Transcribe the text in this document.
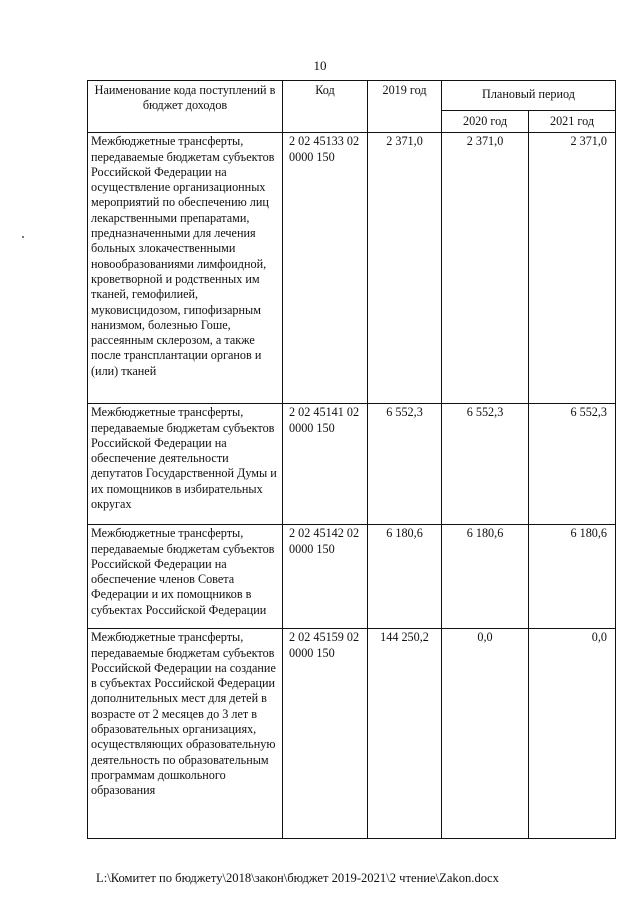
10
Наименование кода поступлений в бюджет доходов	Код	2019 год	Плановый период	
			2020 год	2021 год
Межбюджетные трансферты, передаваемые бюджетам субъектов Российской Федерации на осуществление организационных мероприятий по обеспечению лиц лекарственными препаратами, предназначенными для лечения больных злокачественными новообразованиями лимфоидной, кроветворной и родственных им тканей, гемофилией, муковисцидозом, гипофизарным нанизмом, болезнью Гоше, рассеянным склерозом, а также после трансплантации органов и (или) тканей	2 02 45133 02 0000 150	2 371,0	2 371,0	2 371,0
Межбюджетные трансферты, передаваемые бюджетам субъектов Российской Федерации на обеспечение деятельности депутатов Государственной Думы и их помощников в избирательных округах	2 02 45141 02 0000 150	6 552,3	6 552,3	6 552,3
Межбюджетные трансферты, передаваемые бюджетам субъектов Российской Федерации на обеспечение членов Совета Федерации и их помощников в субъектах Российской Федерации	2 02 45142 02 0000 150	6 180,6	6 180,6	6 180,6
Межбюджетные трансферты, передаваемые бюджетам субъектов Российской Федерации на создание в субъектах Российской Федерации дополнительных мест для детей в возрасте от 2 месяцев до 3 лет в образовательных организациях, осуществляющих образовательную деятельность по образовательным программам дошкольного образования	2 02 45159 02 0000 150	144 250,2	0,0	0,0
L:\Комитет по бюджету\2018\закон\бюджет 2019-2021\2 чтение\Zakon.docx
